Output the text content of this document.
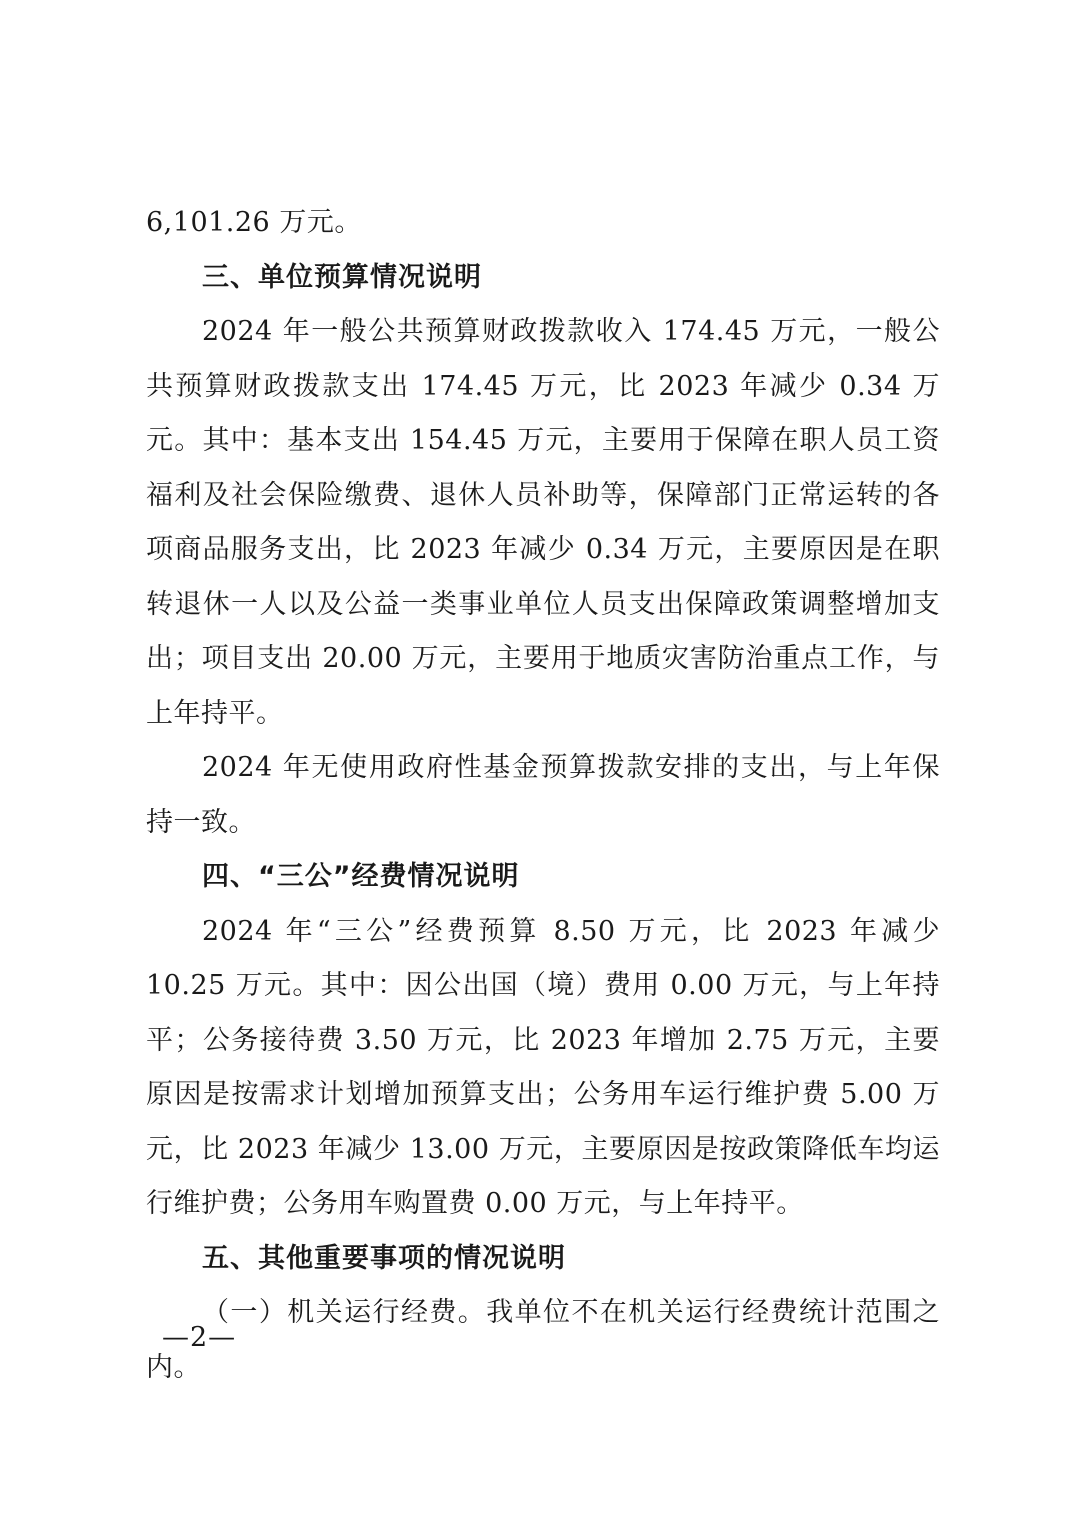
6,101.26 万元。

三、单位预算情况说明

2024 年一般公共预算财政拨款收入 174.45 万元，一般公共预算财政拨款支出 174.45 万元，比 2023 年减少 0.34 万元。其中：基本支出 154.45 万元，主要用于保障在职人员工资福利及社会保险缴费、退休人员补助等，保障部门正常运转的各项商品服务支出，比 2023 年减少 0.34 万元，主要原因是在职转退休一人以及公益一类事业单位人员支出保障政策调整增加支出；项目支出 20.00 万元，主要用于地质灾害防治重点工作，与上年持平。

2024 年无使用政府性基金预算拨款安排的支出，与上年保持一致。

四、“三公”经费情况说明

2024 年“三公”经费预算 8.50 万元，比 2023 年减少 10.25 万元。其中：因公出国（境）费用 0.00 万元，与上年持平；公务接待费 3.50 万元，比 2023 年增加 2.75 万元，主要原因是按需求计划增加预算支出；公务用车运行维护费 5.00 万元，比 2023 年减少 13.00 万元，主要原因是按政策降低车均运行维护费；公务用车购置费 0.00 万元，与上年持平。

五、其他重要事项的情况说明

（一）机关运行经费。我单位不在机关运行经费统计范围之内。

—2—
